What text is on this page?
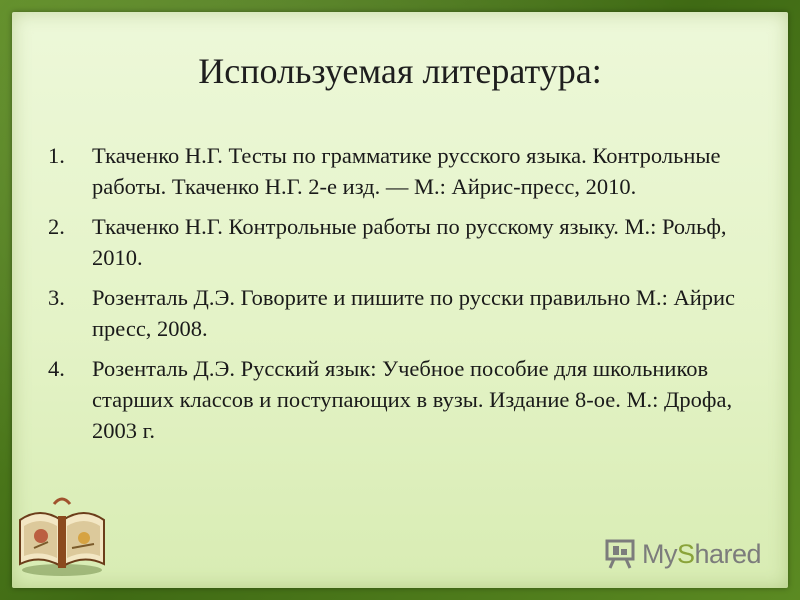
Используемая литература:
1.	Ткаченко Н.Г. Тесты по грамматике русского языка. Контрольные работы. Ткаченко Н.Г. 2-е изд. — М.: Айрис-пресс, 2010.
2.	Ткаченко Н.Г. Контрольные работы по русскому языку. М.: Рольф, 2010.
3.	Розенталь Д.Э. Говорите и пишите по русски правильно М.: Айрис пресс, 2008.
4.	Розенталь Д.Э. Русский язык: Учебное пособие для школьников старших классов и поступающих в вузы. Издание 8-ое. М.: Дрофа, 2003 г.
MyShared
